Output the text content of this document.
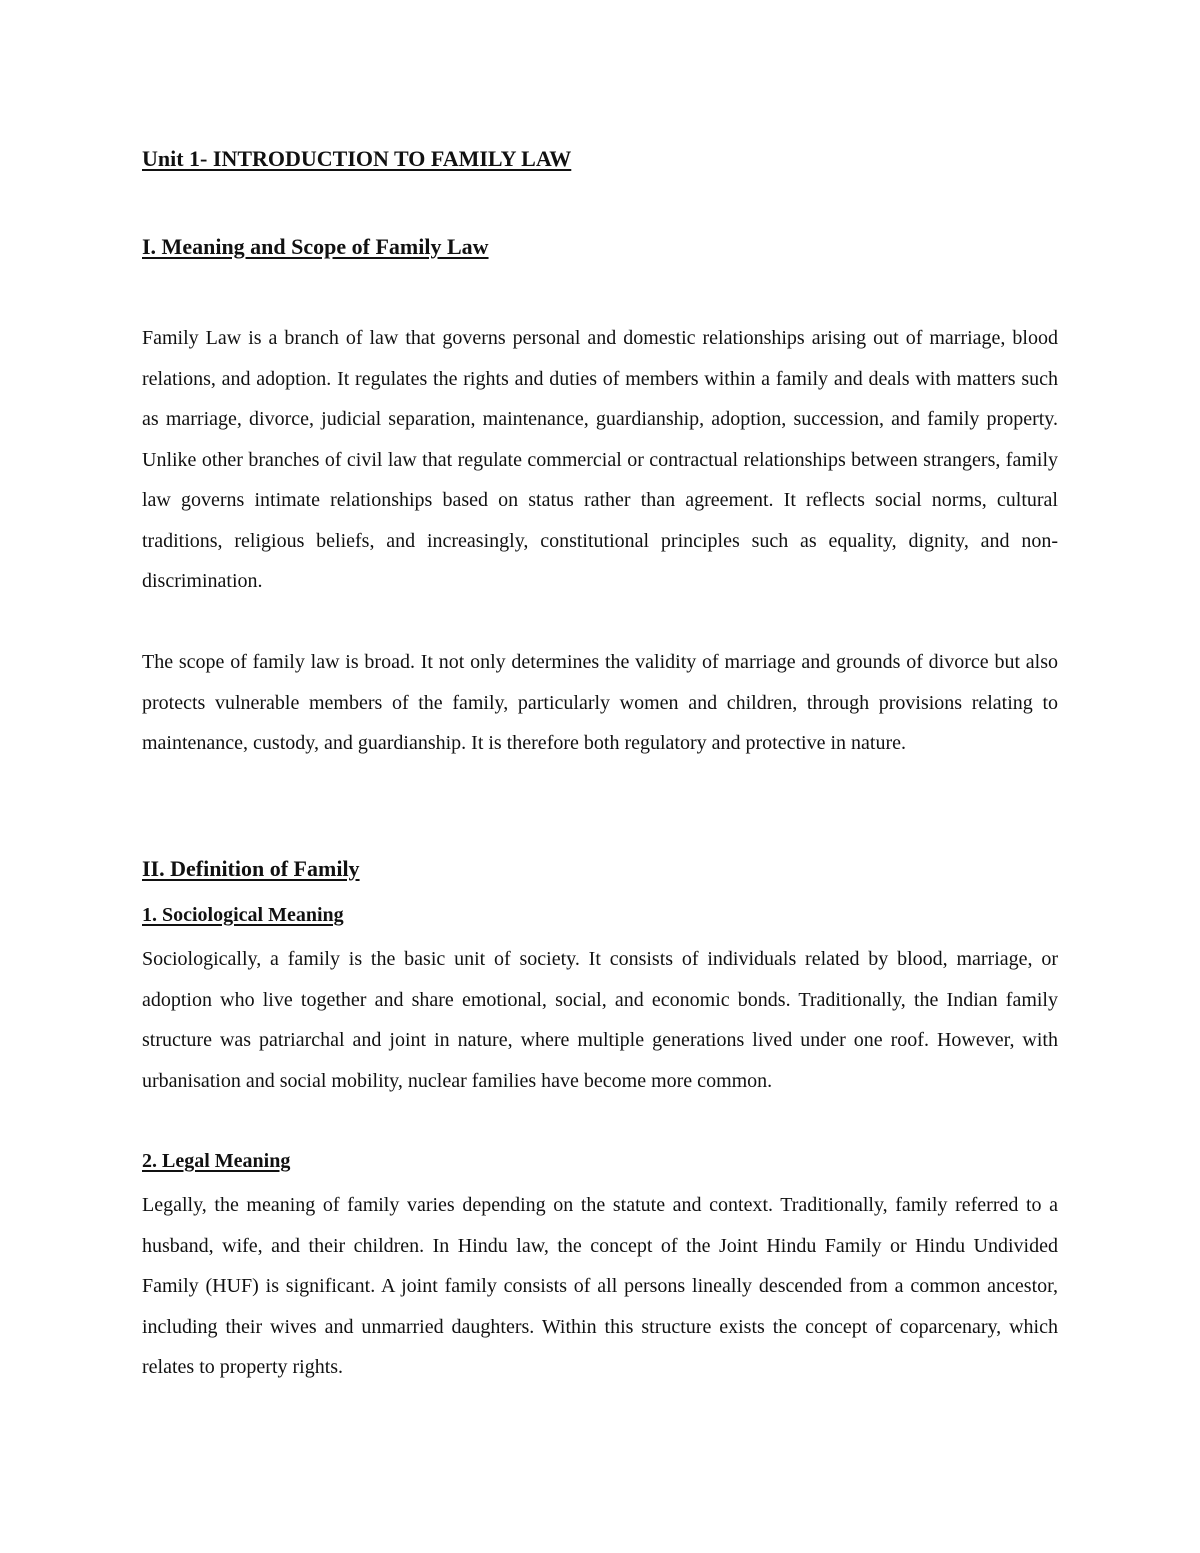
Unit 1- INTRODUCTION TO FAMILY LAW
I. Meaning and Scope of Family Law

Family Law is a branch of law that governs personal and domestic relationships arising out of marriage, blood relations, and adoption. It regulates the rights and duties of members within a family and deals with matters such as marriage, divorce, judicial separation, maintenance, guardianship, adoption, succession, and family property. Unlike other branches of civil law that regulate commercial or contractual relationships between strangers, family law governs intimate relationships based on status rather than agreement. It reflects social norms, cultural traditions, religious beliefs, and increasingly, constitutional principles such as equality, dignity, and non-discrimination.

The scope of family law is broad. It not only determines the validity of marriage and grounds of divorce but also protects vulnerable members of the family, particularly women and children, through provisions relating to maintenance, custody, and guardianship. It is therefore both regulatory and protective in nature.

II. Definition of Family
1. Sociological Meaning

Sociologically, a family is the basic unit of society. It consists of individuals related by blood, marriage, or adoption who live together and share emotional, social, and economic bonds. Traditionally, the Indian family structure was patriarchal and joint in nature, where multiple generations lived under one roof. However, with urbanisation and social mobility, nuclear families have become more common.

2. Legal Meaning

Legally, the meaning of family varies depending on the statute and context. Traditionally, family referred to a husband, wife, and their children. In Hindu law, the concept of the Joint Hindu Family or Hindu Undivided Family (HUF) is significant. A joint family consists of all persons lineally descended from a common ancestor, including their wives and unmarried daughters. Within this structure exists the concept of coparcenary, which relates to property rights.
